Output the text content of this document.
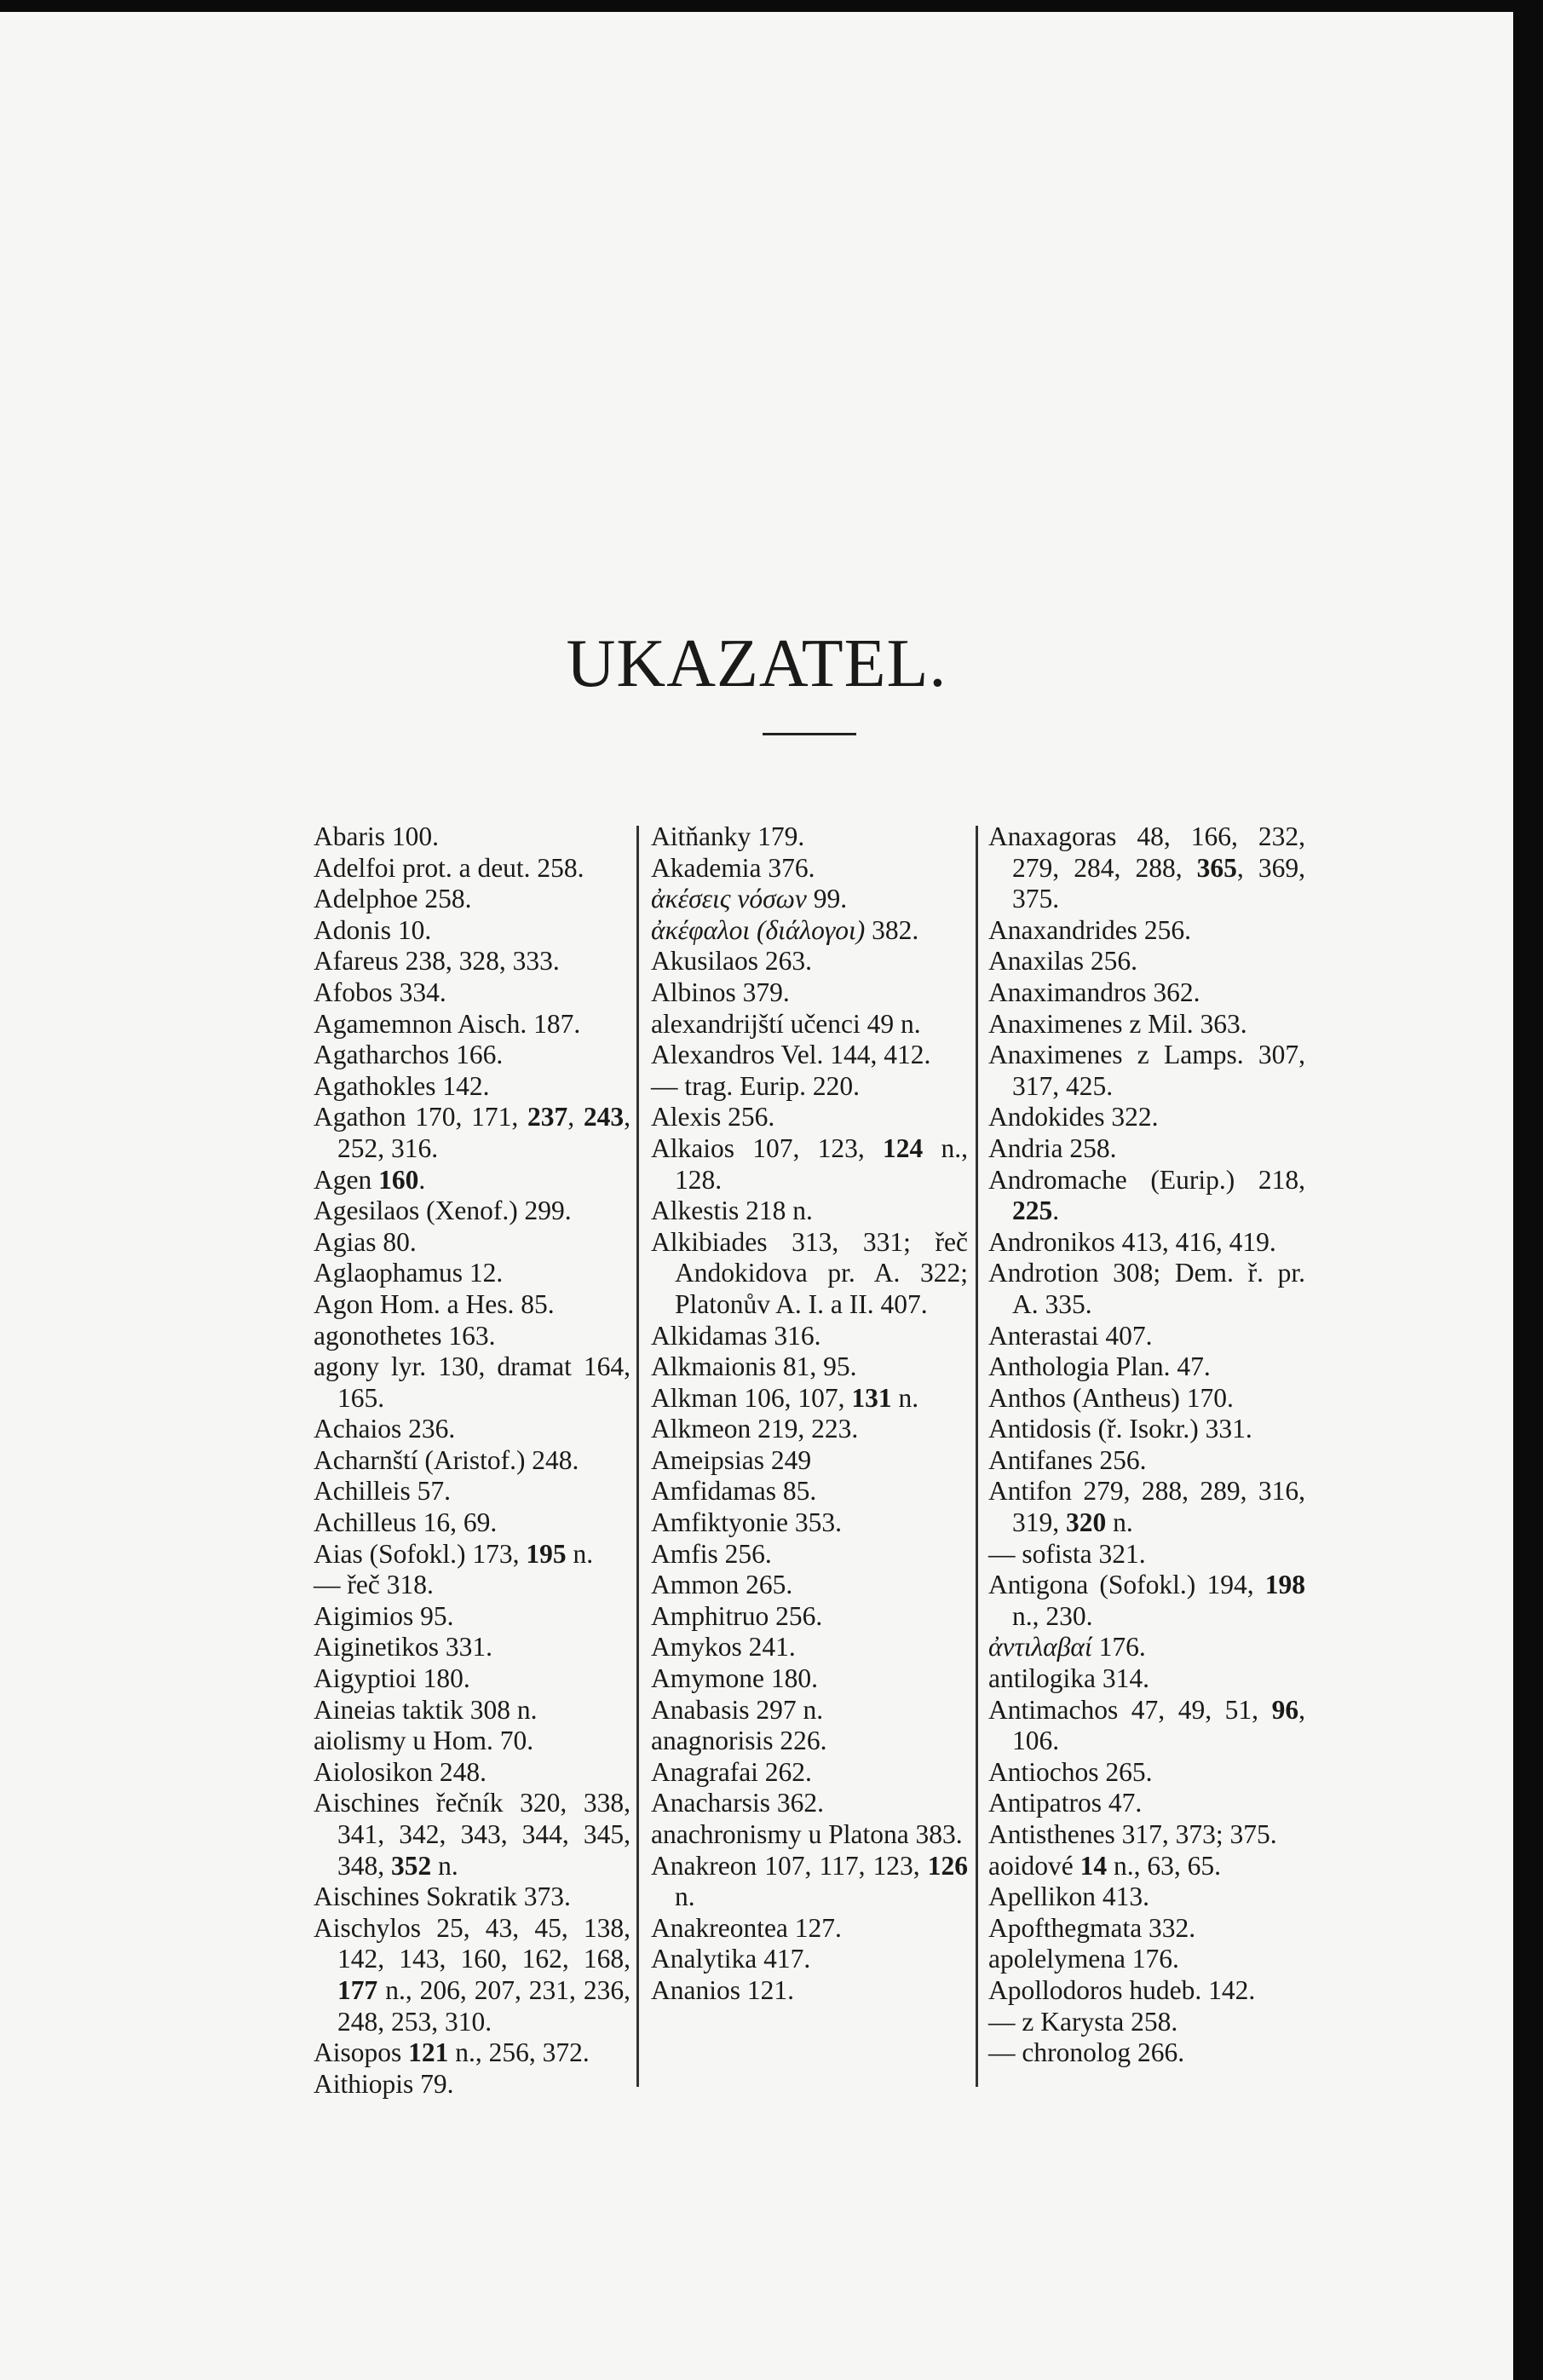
UKAZATEL.
Abaris 100.
Adelfoi prot. a deut. 258.
Adelphoe 258.
Adonis 10.
Afareus 238, 328, 333.
Afobos 334.
Agamemnon Aisch. 187.
Agatharchos 166.
Agathokles 142.
Agathon 170, 171, 237, 243, 252, 316.
Agen 160.
Agesilaos (Xenof.) 299.
Agias 80.
Aglaophamus 12.
Agon Hom. a Hes. 85.
agonothetes 163.
agony lyr. 130, dramat 164, 165.
Achaios 236.
Acharnští (Aristof.) 248.
Achilleis 57.
Achilleus 16, 69.
Aias (Sofokl.) 173, 195 n.
— řeč 318.
Aigimios 95.
Aiginetikos 331.
Aigyptioi 180.
Aineias taktik 308 n.
aiolismy u Hom. 70.
Aiolosikon 248.
Aischines řečník 320, 338, 341, 342, 343, 344, 345, 348, 352 n.
Aischines Sokratik 373.
Aischylos 25, 43, 45, 138, 142, 143, 160, 162, 168, 177 n., 206, 207, 231, 236, 248, 253, 310.
Aisopos 121 n., 256, 372.
Aithiopis 79.
Aitňanky 179.
Akademia 376.
ἀκέσεις νόσων 99.
ἀκέφαλοι (διάλογοι) 382.
Akusilaos 263.
Albinos 379.
alexandrijští učenci 49 n.
Alexandros Vel. 144, 412.
— trag. Eurip. 220.
Alexis 256.
Alkaios 107, 123, 124 n., 128.
Alkestis 218 n.
Alkibiades 313, 331; řeč Andokidova pr. A. 322; Platonův A. I. a II. 407.
Alkidamas 316.
Alkmaionis 81, 95.
Alkman 106, 107, 131 n.
Alkmeon 219, 223.
Ameipsias 249
Amfidamas 85.
Amfiktyonie 353.
Amfis 256.
Ammon 265.
Amphitruo 256.
Amykos 241.
Amymone 180.
Anabasis 297 n.
anagnorisis 226.
Anagrafai 262.
Anacharsis 362.
anachronismy u Platona 383.
Anakreon 107, 117, 123, 126 n.
Anakreontea 127.
Analytika 417.
Ananios 121.
Anaxagoras 48, 166, 232, 279, 284, 288, 365, 369, 375.
Anaxandrides 256.
Anaxilas 256.
Anaximandros 362.
Anaximenes z Mil. 363.
Anaximenes z Lamps. 307, 317, 425.
Andokides 322.
Andria 258.
Andromache (Eurip.) 218, 225.
Andronikos 413, 416, 419.
Androtion 308; Dem. ř. pr. A. 335.
Anterastai 407.
Anthologia Plan. 47.
Anthos (Antheus) 170.
Antidosis (ř. Isokr.) 331.
Antifanes 256.
Antifon 279, 288, 289, 316, 319, 320 n.
— sofista 321.
Antigona (Sofokl.) 194, 198 n., 230.
ἀντιλαβαί 176.
antilogika 314.
Antimachos 47, 49, 51, 96, 106.
Antiochos 265.
Antipatros 47.
Antisthenes 317, 373; 375.
aoidové 14 n., 63, 65.
Apellikon 413.
Apofthegmata 332.
apolelymena 176.
Apollodoros hudeb. 142.
— z Karysta 258.
— chronolog 266.
